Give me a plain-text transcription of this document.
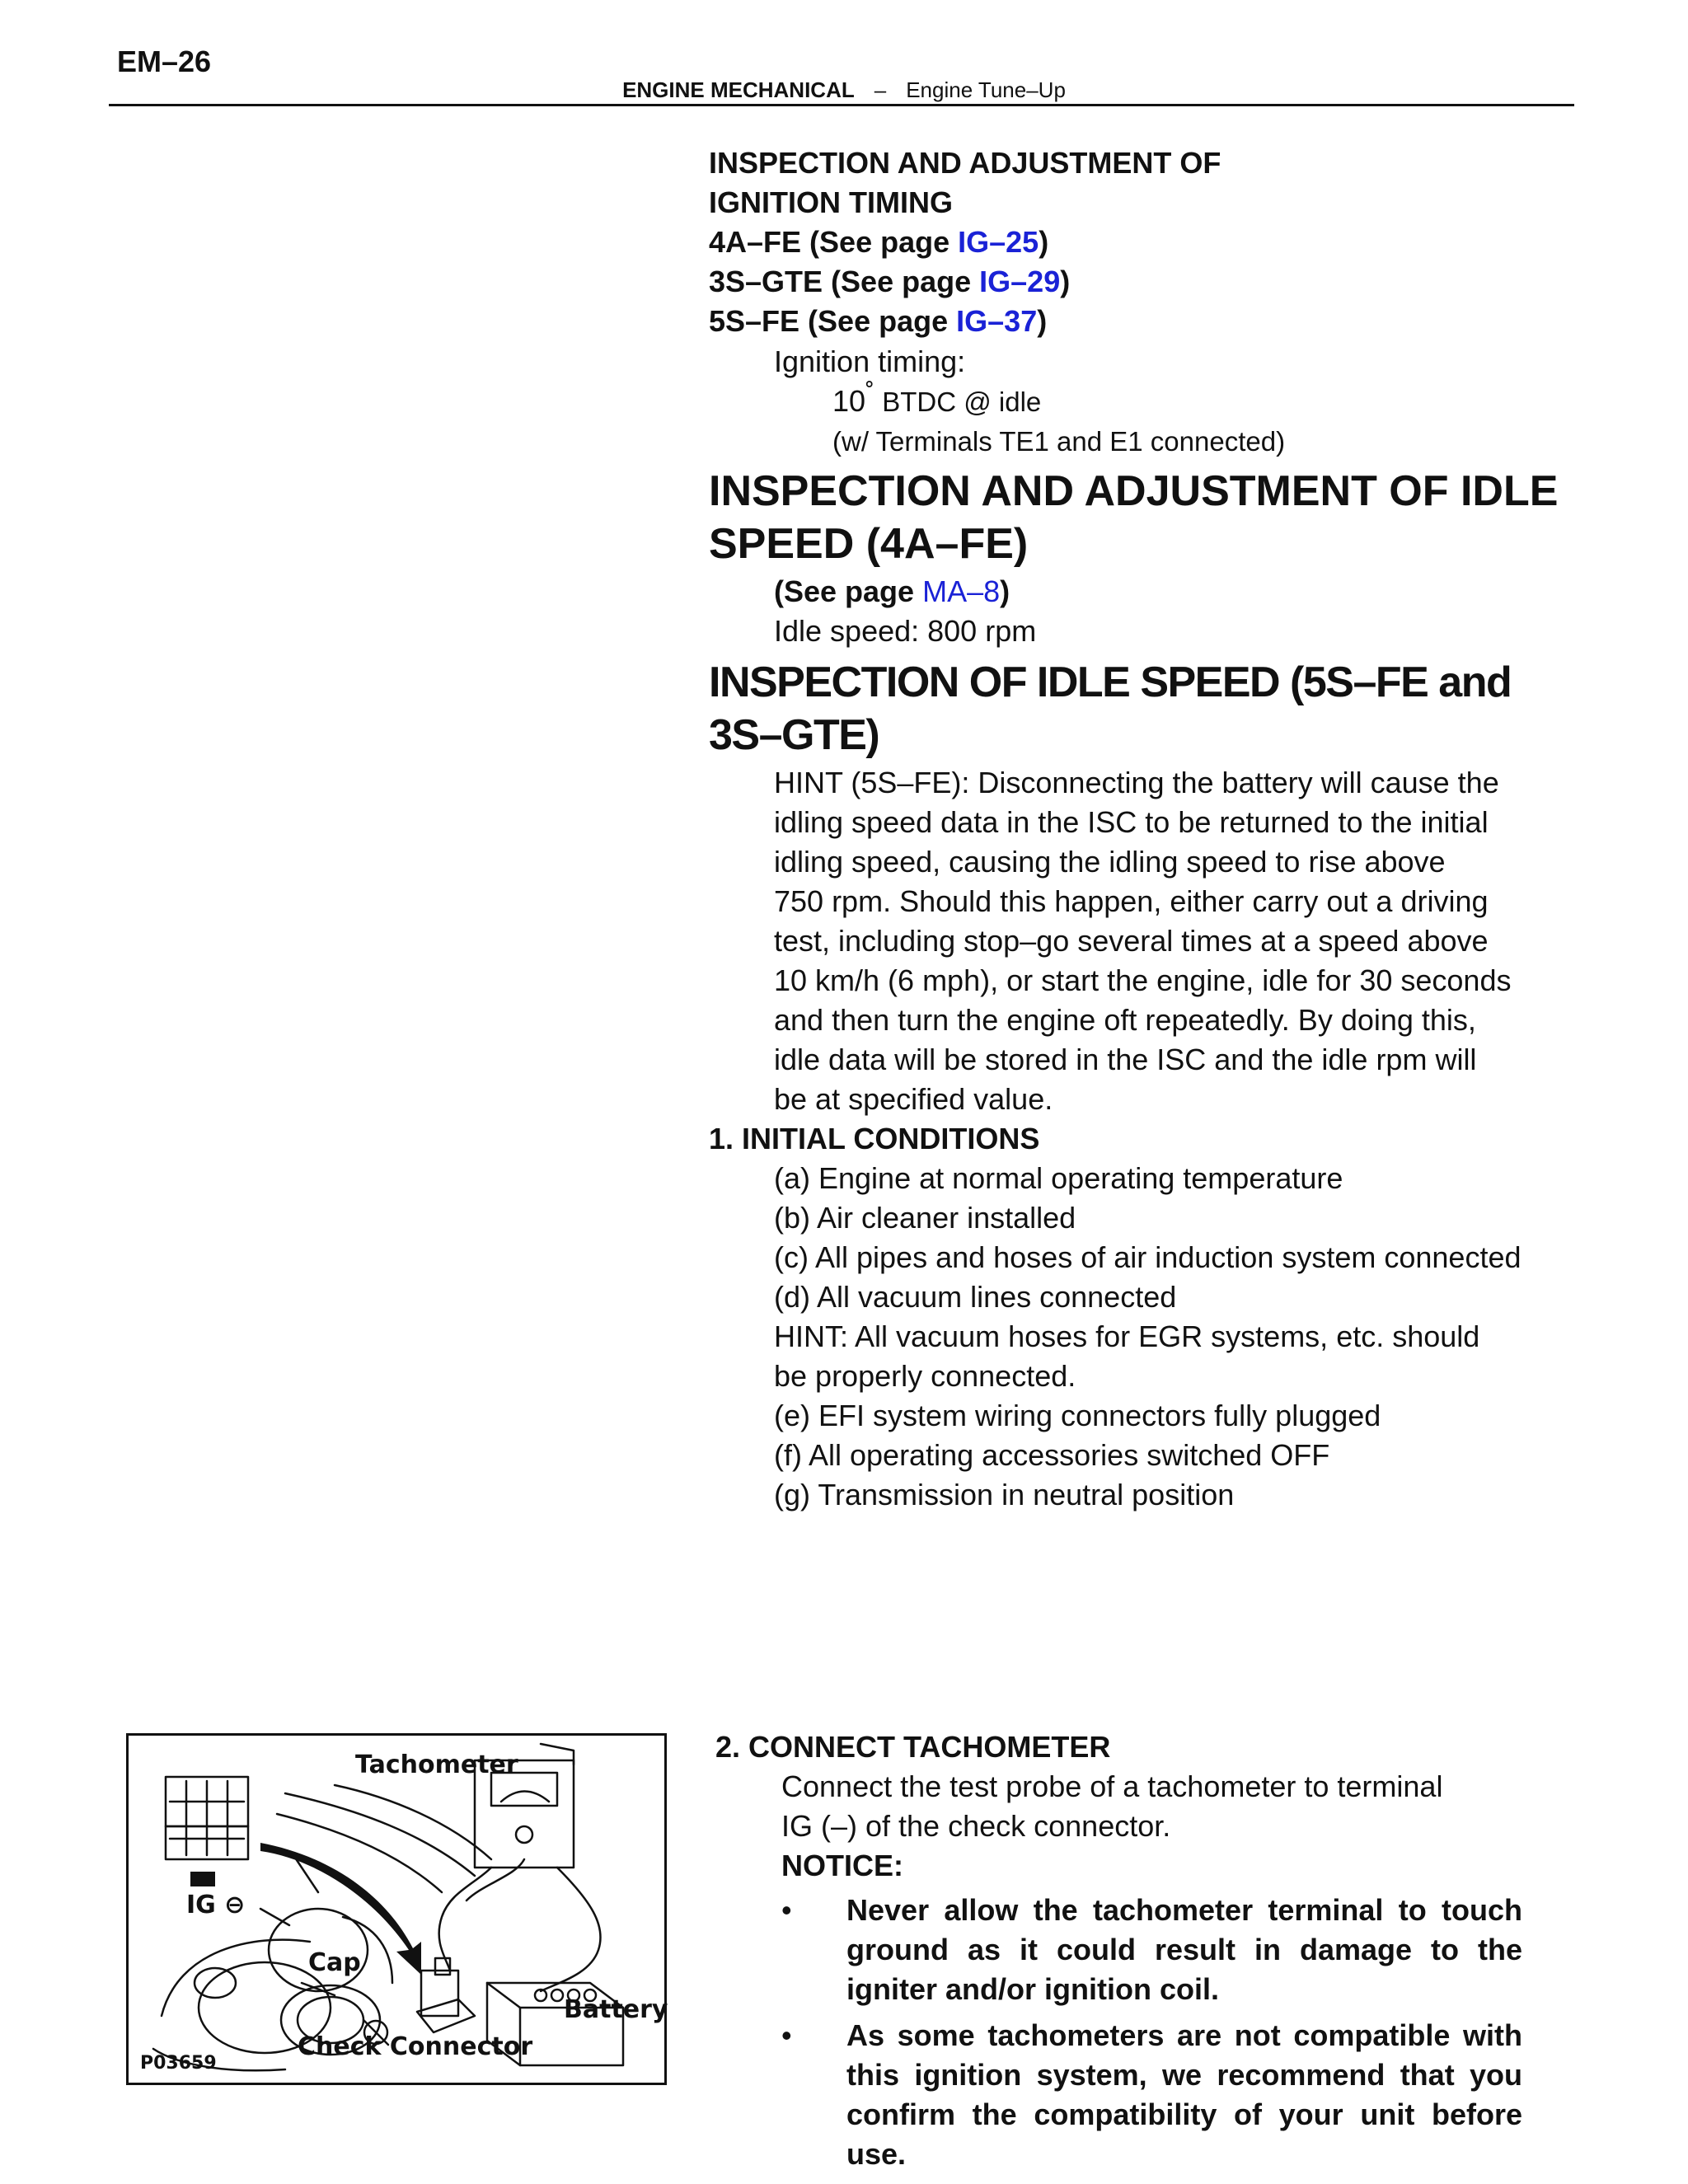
EM–26
ENGINE MECHANICAL – Engine Tune–Up
INSPECTION AND ADJUSTMENT OF
IGNITION TIMING
4A–FE (See page IG–25)
3S–GTE (See page IG–29)
5S–FE (See page IG–37)
Ignition timing:
10˚ BTDC @ idle
(w/ Terminals TE1 and E1 connected)
INSPECTION AND ADJUSTMENT OF IDLE
SPEED (4A–FE)
(See page MA–8)
Idle speed: 800 rpm
INSPECTION OF IDLE SPEED (5S–FE and
3S–GTE)
HINT (5S–FE): Disconnecting the battery will cause the
idling speed data in the ISC to be returned to the initial
idling speed, causing the idling speed to rise above
750 rpm. Should this happen, either carry out a driving
test, including stop–go several times at a speed above
10 km/h (6 mph), or start the engine, idle for 30 seconds
and then turn the engine oft repeatedly. By doing this,
idle data will be stored in the ISC and the idle rpm will
be at specified value.
1. INITIAL CONDITIONS
(a) Engine at normal operating temperature
(b) Air cleaner installed
(c) All pipes and hoses of air induction system connected
(d) All vacuum lines connected
HINT: All vacuum hoses for EGR systems, etc. should
be properly connected.
(e) EFI system wiring connectors fully plugged
(f) All operating accessories switched OFF
(g) Transmission in neutral position
2. CONNECT TACHOMETER
Connect the test probe of a tachometer to terminal
IG (–) of the check connector.
NOTICE:
• Never allow the tachometer terminal to touch ground as it could result in damage to the igniter and/or ignition coil.
• As some tachometers are not compatible with this ignition system, we recommend that you confirm the compatibility of your unit before use.
Tachometer
IG ⊖
Cap
Battery
Check Connector
P03659
